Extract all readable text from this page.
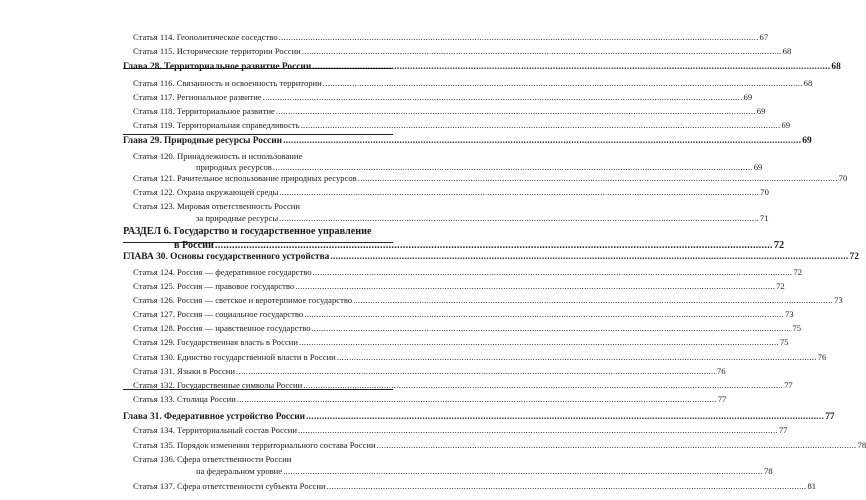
Статья 114. Геополитическое соседство .....	67
Статья 115. Исторические территории России .....	68
Глава 28. Территориальное развитие России .....	68
Статья 116. Связанность и освоенность территории .....	68
Статья 117. Региональное развитие .....	69
Статья 118. Территориальное развитие .....	69
Статья 119. Территориальная справедливость .....	69
Глава 29. Природные ресурсы России .....	69
Статья 120. Принадлежность и использование
природных ресурсов .....	69
Статья 121. Рачительное использование природных ресурсов .....	70
Статья 122. Охрана окружающей среды .....	70
Статья 123. Мировая ответственность России
за природные ресурсы .....	71
РАЗДЕЛ 6. Государство и государственное управление
в России .....	72
ГЛАВА 30. Основы государственного устройства .....	72
Статья 124. Россия — федеративное государство .....	72
Статья 125. Россия — правовое государство .....	72
Статья 126. Россия — светское и веротерпимое государство .....	73
Статья 127. Россия — социальное государство .....	73
Статья 128. Россия — нравственное государство .....	75
Статья 129. Государственная власть в России .....	75
Статья 130. Единство государственной власти в России .....	76
Статья 131. Языки в России .....	76
Статья 132. Государственные символы России .....	77
Статья 133. Столица России .....	77
Глава 31. Федеративное устройство России .....	77
Статья 134. Территориальный состав России .....	77
Статья 135. Порядок изменения территориального состава России .....	78
Статья 136. Сфера ответственности России
на федеральном уровне .....	78
Статья 137. Сфера ответственности субъекта России .....	81
